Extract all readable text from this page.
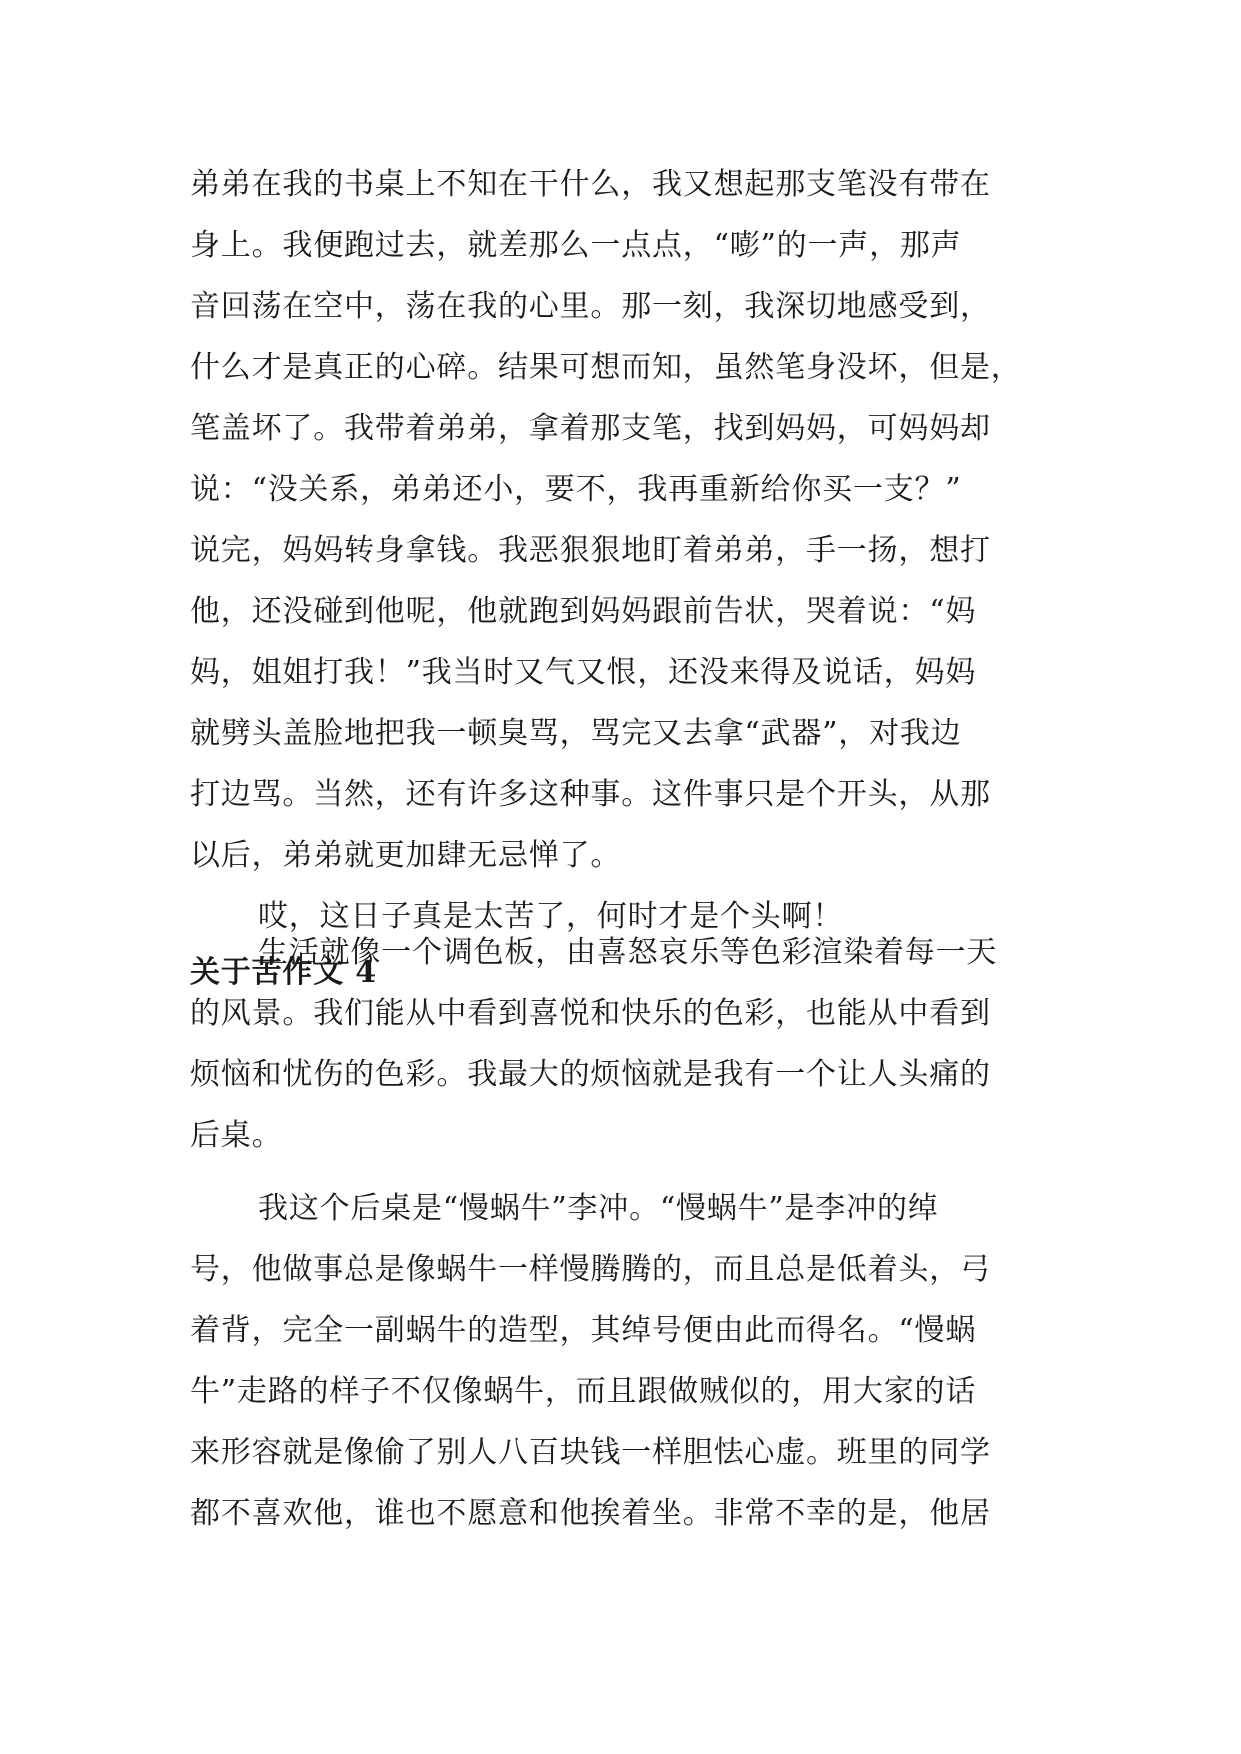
弟弟在我的书桌上不知在干什么，我又想起那支笔没有带在
身上。我便跑过去，就差那么一点点，“嘭”的一声，那声
音回荡在空中，荡在我的心里。那一刻，我深切地感受到，
什么才是真正的心碎。结果可想而知，虽然笔身没坏，但是，
笔盖坏了。我带着弟弟，拿着那支笔，找到妈妈，可妈妈却
说：“没关系，弟弟还小，要不，我再重新给你买一支？”
说完，妈妈转身拿钱。我恶狠狠地盯着弟弟，手一扬，想打
他，还没碰到他呢，他就跑到妈妈跟前告状，哭着说：“妈
妈，姐姐打我！”我当时又气又恨，还没来得及说话，妈妈
就劈头盖脸地把我一顿臭骂，骂完又去拿“武器”，对我边
打边骂。当然，还有许多这种事。这件事只是个开头，从那
以后，弟弟就更加肆无忌惮了。

哎，这日子真是太苦了，何时才是个头啊！

关于苦作文 4

生活就像一个调色板，由喜怒哀乐等色彩渲染着每一天
的风景。我们能从中看到喜悦和快乐的色彩，也能从中看到
烦恼和忧伤的色彩。我最大的烦恼就是我有一个让人头痛的
后桌。

我这个后桌是“慢蜗牛”李冲。“慢蜗牛”是李冲的绰
号，他做事总是像蜗牛一样慢腾腾的，而且总是低着头，弓
着背，完全一副蜗牛的造型，其绰号便由此而得名。“慢蜗
牛”走路的样子不仅像蜗牛，而且跟做贼似的，用大家的话
来形容就是像偷了别人八百块钱一样胆怯心虚。班里的同学
都不喜欢他，谁也不愿意和他挨着坐。非常不幸的是，他居
